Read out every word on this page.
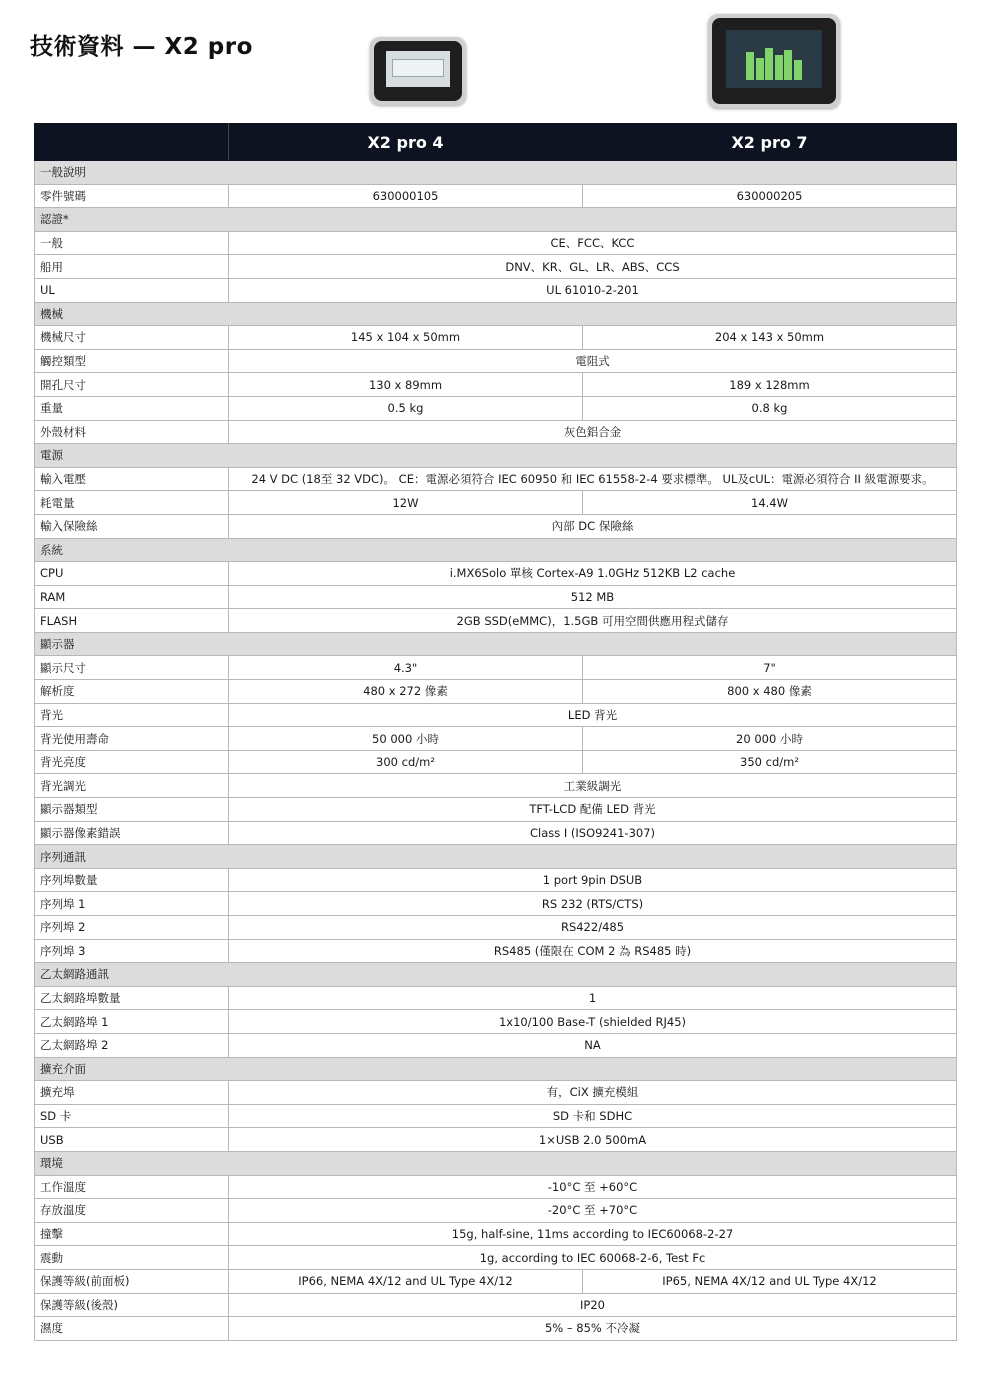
技術資料 — X2 pro
	X2 pro 4	X2 pro 7
一般說明		
零件號碼	630000105	630000205
認證*		
一般	CE、FCC、KCC	
船用	DNV、KR、GL、LR、ABS、CCS	
UL	UL 61010-2-201	
機械		
機械尺寸	145 x 104 x 50mm	204 x 143 x 50mm
觸控類型	電阻式	
開孔尺寸	130 x 89mm	189 x 128mm
重量	0.5 kg	0.8 kg
外殼材料	灰色鋁合金	
電源		
輸入電壓	24 V DC (18至 32 VDC)。 CE：電源必須符合 IEC 60950 和 IEC 61558-2-4 要求標準。 UL及cUL：電源必須符合 II 級電源要求。	
耗電量	12W	14.4W
輸入保險絲	內部 DC 保險絲	
系統		
CPU	i.MX6Solo 單核 Cortex-A9 1.0GHz 512KB L2 cache	
RAM	512 MB	
FLASH	2GB SSD(eMMC)，1.5GB 可用空間供應用程式儲存	
顯示器		
顯示尺寸	4.3"	7"
解析度	480 x 272 像素	800 x 480 像素
背光	LED 背光	
背光使用壽命	50 000 小時	20 000 小時
背光亮度	300 cd/m²	350 cd/m²
背光調光	工業級調光	
顯示器類型	TFT-LCD 配備 LED 背光	
顯示器像素錯誤	Class I (ISO9241-307)	
序列通訊		
序列埠數量	1 port 9pin DSUB	
序列埠 1	RS 232 (RTS/CTS)	
序列埠 2	RS422/485	
序列埠 3	RS485 (僅限在 COM 2 為 RS485 時)	
乙太網路通訊		
乙太網路埠數量	1	
乙太網路埠 1	1x10/100 Base-T (shielded RJ45)	
乙太網路埠 2	NA	
擴充介面		
擴充埠	有，CiX 擴充模組	
SD 卡	SD 卡和 SDHC	
USB	1×USB 2.0 500mA	
環境		
工作溫度	-10°C 至 +60°C	
存放溫度	-20°C 至 +70°C	
撞擊	15g, half-sine, 11ms according to IEC60068-2-27	
震動	1g, according to IEC 60068-2-6, Test Fc	
保護等級(前面板)	IP66, NEMA 4X/12 and UL Type 4X/12	IP65, NEMA 4X/12 and UL Type 4X/12
保護等級(後殼)	IP20	
濕度	5% – 85% 不冷凝	
